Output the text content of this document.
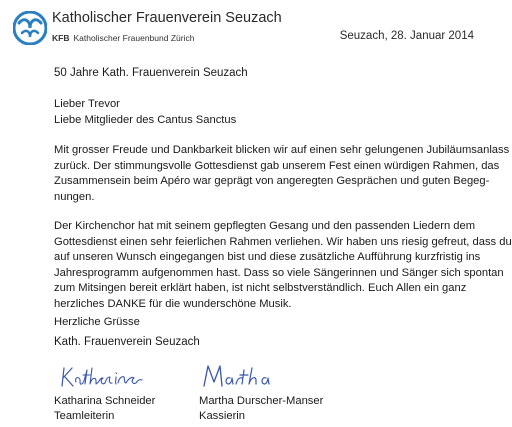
Katholischer Frauenverein Seuzach
KFB Katholischer Frauenbund Zürich	Seuzach, 28. Januar 2014
50 Jahre Kath. Frauenverein Seuzach
Lieber Trevor
Liebe Mitglieder des Cantus Sanctus
Mit grosser Freude und Dankbarkeit blicken wir auf einen sehr gelungenen Jubiläumsanlass
zurück. Der stimmungsvolle Gottesdienst gab unserem Fest einen würdigen Rahmen, das
Zusammensein beim Apéro war geprägt von angeregten Gesprächen und guten Begeg-
nungen.
Der Kirchenchor hat mit seinem gepflegten Gesang und den passenden Liedern dem
Gottesdienst einen sehr feierlichen Rahmen verliehen. Wir haben uns riesig gefreut, dass du
auf unseren Wunsch eingegangen bist und diese zusätzliche Aufführung kurzfristig ins
Jahresprogramm aufgenommen hast. Dass so viele Sängerinnen und Sänger sich spontan
zum Mitsingen bereit erklärt haben, ist nicht selbstverständlich. Euch Allen ein ganz
herzliches DANKE für die wunderschöne Musik.
Herzliche Grüsse
Kath. Frauenverein Seuzach
Katharina Schneider
Teamleiterin
Martha Durscher-Manser
Kassierin
